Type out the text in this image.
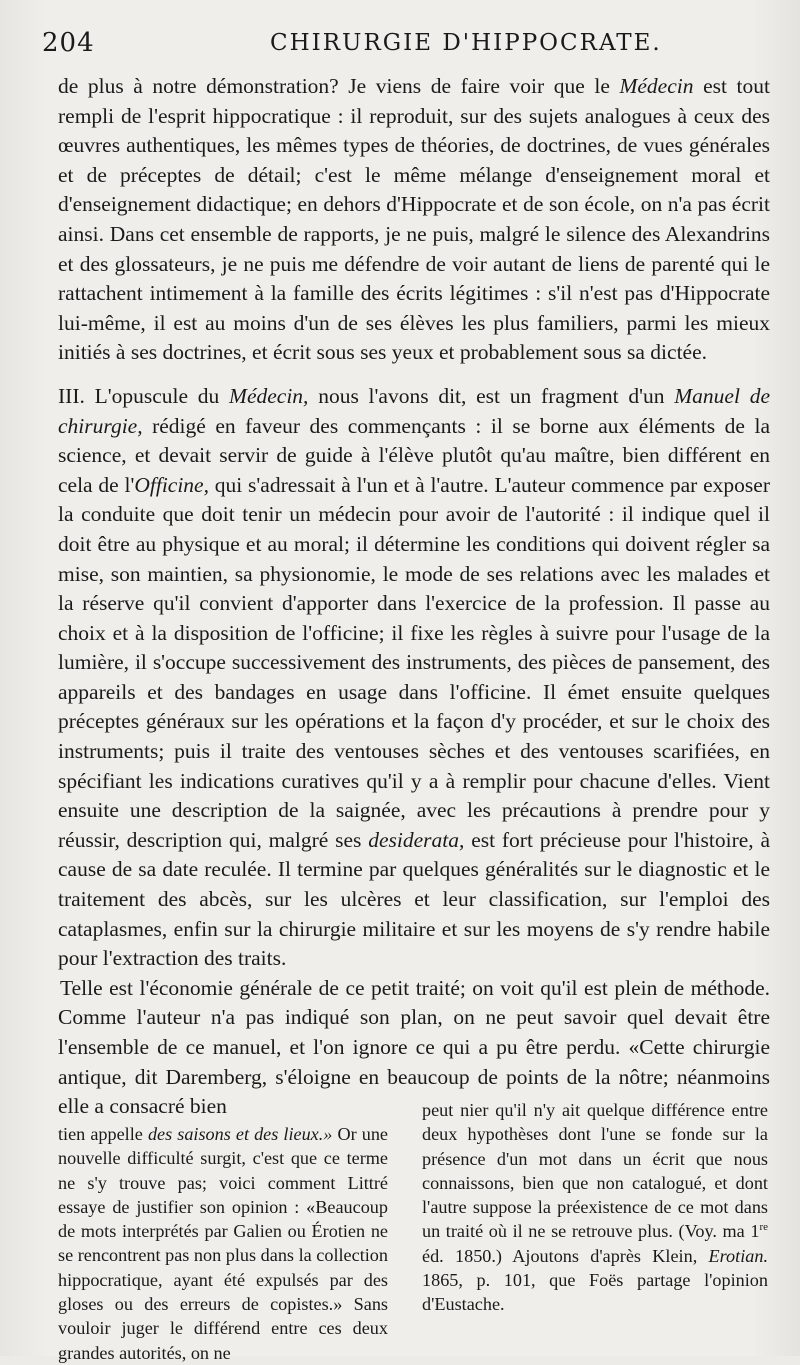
204	CHIRURGIE D'HIPPOCRATE.

de plus à notre démonstration? Je viens de faire voir que le Médecin est tout rempli de l'esprit hippocratique : il reproduit, sur des sujets analogues à ceux des œuvres authentiques, les mêmes types de théories, de doctrines, de vues générales et de préceptes de détail; c'est le même mélange d'enseignement moral et d'enseignement didactique; en dehors d'Hippocrate et de son école, on n'a pas écrit ainsi. Dans cet ensemble de rapports, je ne puis, malgré le silence des Alexandrins et des glossateurs, je ne puis me défendre de voir autant de liens de parenté qui le rattachent intimement à la famille des écrits légitimes : s'il n'est pas d'Hippocrate lui-même, il est au moins d'un de ses élèves les plus familiers, parmi les mieux initiés à ses doctrines, et écrit sous ses yeux et probablement sous sa dictée.

III. L'opuscule du Médecin, nous l'avons dit, est un fragment d'un Manuel de chirurgie, rédigé en faveur des commençants : il se borne aux éléments de la science, et devait servir de guide à l'élève plutôt qu'au maître, bien différent en cela de l'Officine, qui s'adressait à l'un et à l'autre. L'auteur commence par exposer la conduite que doit tenir un médecin pour avoir de l'autorité : il indique quel il doit être au physique et au moral; il détermine les conditions qui doivent régler sa mise, son maintien, sa physionomie, le mode de ses relations avec les malades et la réserve qu'il convient d'apporter dans l'exercice de la profession. Il passe au choix et à la disposition de l'officine; il fixe les règles à suivre pour l'usage de la lumière, il s'occupe successivement des instruments, des pièces de pansement, des appareils et des bandages en usage dans l'officine. Il émet ensuite quelques préceptes généraux sur les opérations et la façon d'y procéder, et sur le choix des instruments; puis il traite des ventouses sèches et des ventouses scarifiées, en spécifiant les indications curatives qu'il y a à remplir pour chacune d'elles. Vient ensuite une description de la saignée, avec les précautions à prendre pour y réussir, description qui, malgré ses desiderata, est fort précieuse pour l'histoire, à cause de sa date reculée. Il termine par quelques généralités sur le diagnostic et le traitement des abcès, sur les ulcères et leur classification, sur l'emploi des cataplasmes, enfin sur la chirurgie militaire et sur les moyens de s'y rendre habile pour l'extraction des traits.

Telle est l'économie générale de ce petit traité; on voit qu'il est plein de méthode. Comme l'auteur n'a pas indiqué son plan, on ne peut savoir quel devait être l'ensemble de ce manuel, et l'on ignore ce qui a pu être perdu. «Cette chirurgie antique, dit Daremberg, s'éloigne en beaucoup de points de la nôtre; néanmoins elle a consacré bien

tien appelle des saisons et des lieux.» Or une nouvelle difficulté surgit, c'est que ce terme ne s'y trouve pas; voici comment Littré essaye de justifier son opinion : «Beaucoup de mots interprétés par Galien ou Érotien ne se rencontrent pas non plus dans la collection hippocratique, ayant été expulsés par des gloses ou des erreurs de copistes.» Sans vouloir juger le différend entre ces deux grandes autorités, on ne

peut nier qu'il n'y ait quelque différence entre deux hypothèses dont l'une se fonde sur la présence d'un mot dans un écrit que nous connaissons, bien que non catalogué, et dont l'autre suppose la préexistence de ce mot dans un traité où il ne se retrouve plus. (Voy. ma 1re éd. 1850.) Ajoutons d'après Klein, Erotian. 1865, p. 101, que Foës partage l'opinion d'Eustache.
